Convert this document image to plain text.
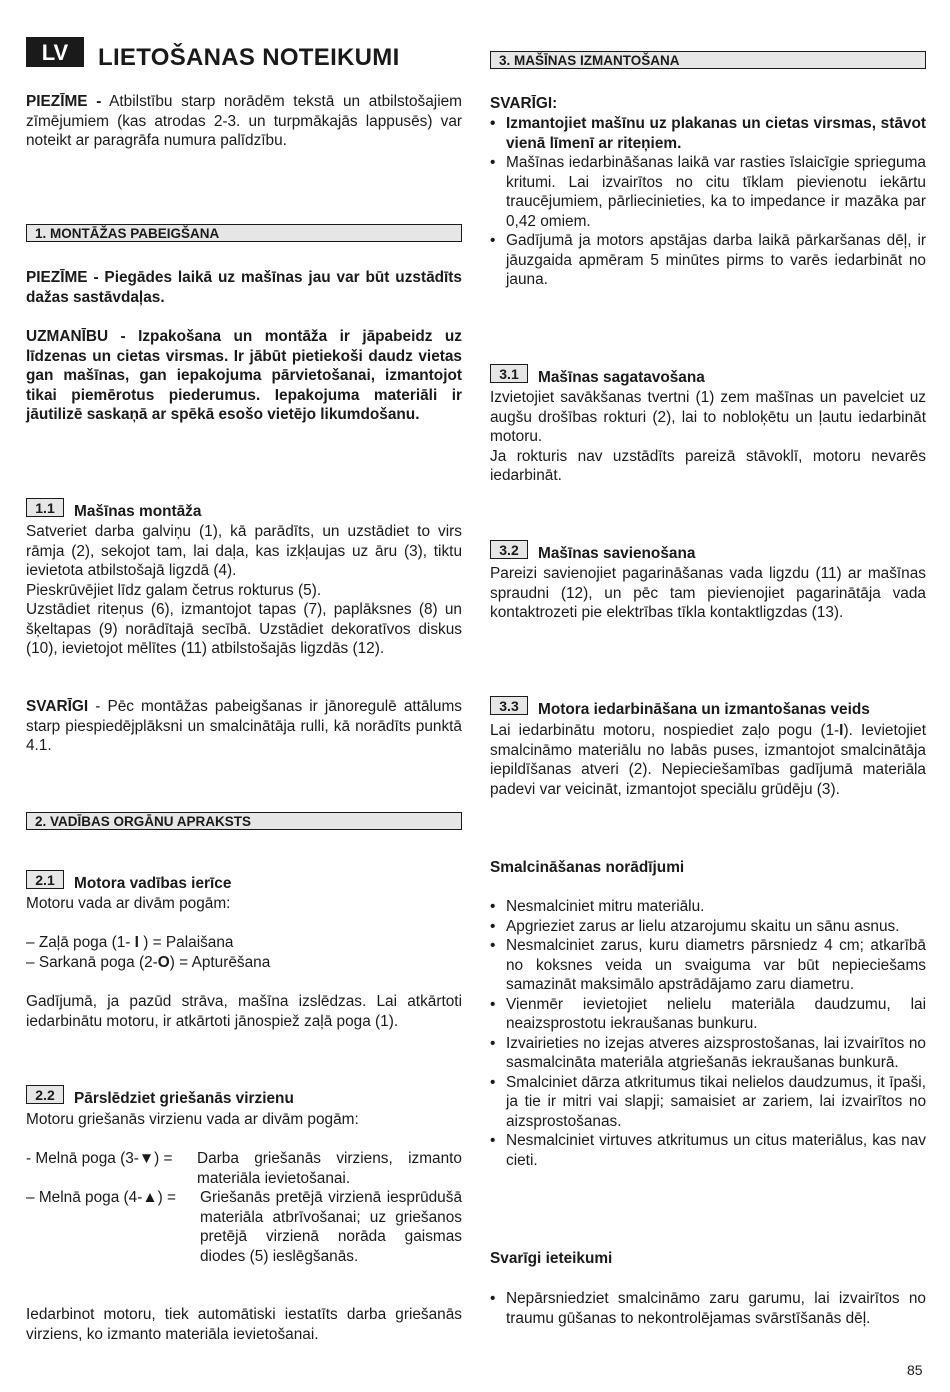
LV	LIETOŠANAS NOTEIKUMI

PIEZĪME - Atbilstību starp norādēm tekstā un atbilstošajiem zīmējumiem (kas atrodas 2-3. un turpmākajās lappusēs) var noteikt ar paragrāfa numura palīdzību.

1. MONTĀŽAS PABEIGŠANA
PIEZĪME - Piegādes laikā uz mašīnas jau var būt uzstādīts dažas sastāvdaļas.
UZMANĪBU - Izpakošana un montāža ir jāpabeidz uz līdzenas un cietas virsmas. Ir jābūt pietiekoši daudz vietas gan mašīnas, gan iepakojuma pārvietošanai, izmantojot tikai piemērotus piederumus. Iepakojuma materiāli ir jāutilizē saskaņā ar spēkā esošo vietējo likumdošanu.
1.1 Mašīnas montāža

Satveriet darba galviņu (1), kā parādīts, un uzstādiet to virs rāmja (2), sekojot tam, lai daļa, kas izkļaujas uz āru (3), tiktu ievietota atbilstošajā ligzdā (4).

Pieskrūvējiet līdz galam četrus rokturus (5).

Uzstādiet riteņus (6), izmantojot tapas (7), paplāksnes (8) un šķeltapas (9) norādītajā secībā. Uzstādiet dekoratīvos diskus (10), ievietojot mēlītes (11) atbilstošajās ligzdās (12).

SVARĪGI - Pēc montāžas pabeigšanas ir jānoregulē attālums starp piespiedējplāksni un smalcinātāja rulli, kā norādīts punktā 4.1.

2. VADĪBAS ORGĀNU APRAKSTS
2.1 Motora vadības ierīce
Motoru vada ar divām pogām:
– Zaļā poga (1- I ) = Palaišana
– Sarkanā poga (2-O) = Apturēšana
Gadījumā, ja pazūd strāva, mašīna izslēdzas. Lai atkārtoti iedarbinātu motoru, ir atkārtoti jānospiež zaļā poga (1).
2.2 Pārslēdziet griešanās virzienu
Motoru griešanās virzienu vada ar divām pogām:
- Melnā poga (3-▼) = Darba griešanās virziens, izmanto materiāla ievietošanai.
– Melnā poga (4-▲) = Griešanās pretējā virzienā iesprūdušā materiāla atbrīvošanai; uz griešanos pretējā virzienā norāda gaismas diodes (5) ieslēgšanās.
Iedarbinot motoru, tiek automātiski iestatīts darba griešanās virziens, ko izmanto materiāla ievietošanai.
3. MAŠĪNAS IZMANTOŠANA
SVARĪGI:
• Izmantojiet mašīnu uz plakanas un cietas virsmas, stāvot vienā līmenī ar riteņiem.
• Mašīnas iedarbināšanas laikā var rasties īslaicīgie sprieguma kritumi. Lai izvairītos no citu tīklam pievienotu iekārtu traucējumiem, pārliecinieties, ka to impedance ir mazāka par 0,42 omiem.
• Gadījumā ja motors apstājas darba laikā pārkaršanas dēļ, ir jāuzgaida apmēram 5 minūtes pirms to varēs iedarbināt no jauna.
3.1 Mašīnas sagatavošana

Izvietojiet savākšanas tvertni (1) zem mašīnas un pavelciet uz augšu drošības rokturi (2), lai to nobloķētu un ļautu iedarbināt motoru.

Ja rokturis nav uzstādīts pareizā stāvoklī, motoru nevarēs iedarbināt.

3.2 Mašīnas savienošana
Pareizi savienojiet pagarināšanas vada ligzdu (11) ar mašīnas spraudni (12), un pēc tam pievienojiet pagarinātāja vada kontaktrozeti pie elektrības tīkla kontaktligzdas (13).
3.3 Motora iedarbināšana un izmantošanas veids

Lai iedarbinātu motoru, nospiediet zaļo pogu (1-I). Ievietojiet smalcināmo materiālu no labās puses, izmantojot smalcinātāja iepildīšanas atveri (2). Nepieciešamības gadījumā materiāla padevi var veicināt, izmantojot speciālu grūdēju (3).

Smalcināšanas norādījumi
• Nesmalciniet mitru materiālu.
• Apgrieziet zarus ar lielu atzarojumu skaitu un sānu asnus.
• Nesmalciniet zarus, kuru diametrs pārsniedz 4 cm; atkarībā no koksnes veida un svaiguma var būt nepieciešams samazināt maksimālo apstrādājamo zaru diametru.
• Vienmēr ievietojiet nelielu materiāla daudzumu, lai neaizsprostotu iekraušanas bunkuru.
• Izvairieties no izejas atveres aizsprostošanas, lai izvairītos no sasmalcināta materiāla atgriešanās iekraušanas bunkurā.
• Smalciniet dārza atkritumus tikai nelielos daudzumus, it īpaši, ja tie ir mitri vai slapji; samaisiet ar zariem, lai izvairītos no aizsprostošanas.
• Nesmalciniet virtuves atkritumus un citus materiālus, kas nav cieti.
Svarīgi ieteikumi
• Nepārsniedziet smalcināmo zaru garumu, lai izvairītos no traumu gūšanas to nekontrolējamas svārstīšanās dēļ.
85
